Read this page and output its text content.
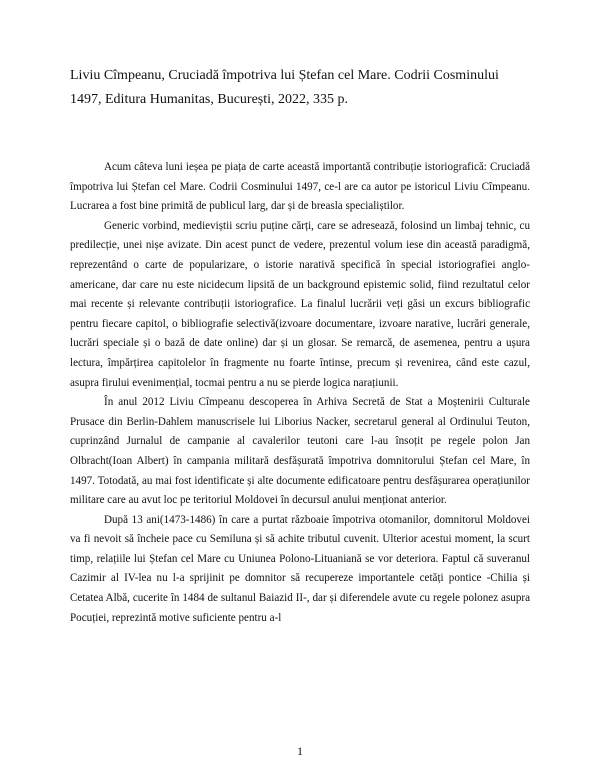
Liviu Cîmpeanu, Cruciadă împotriva lui Ștefan cel Mare. Codrii Cosminului 1497, Editura Humanitas, București, 2022, 335 p.

Acum câteva luni ieșea pe piața de carte această importantă contribuție istoriografică: Cruciadă împotriva lui Ștefan cel Mare. Codrii Cosminului 1497, ce-l are ca autor pe istoricul Liviu Cîmpeanu. Lucrarea a fost bine primită de publicul larg, dar și de breasla specialiștilor.

Generic vorbind, medieviștii scriu puține cărți, care se adresează, folosind un limbaj tehnic, cu predilecție, unei nișe avizate. Din acest punct de vedere, prezentul volum iese din această paradigmă, reprezentând o carte de popularizare, o istorie narativă specifică în special istoriografiei anglo-americane, dar care nu este nicidecum lipsită de un background epistemic solid, fiind rezultatul celor mai recente și relevante contribuții istoriografice. La finalul lucrării veți găsi un excurs bibliografic pentru fiecare capitol, o bibliografie selectivă(izvoare documentare, izvoare narative, lucrări generale, lucrări speciale și o bază de date online) dar și un glosar. Se remarcă, de asemenea, pentru a ușura lectura, împărțirea capitolelor în fragmente nu foarte întinse, precum și revenirea, când este cazul, asupra firului evenimențial, tocmai pentru a nu se pierde logica narațiunii.

În anul 2012 Liviu Cîmpeanu descoperea în Arhiva Secretă de Stat a Moștenirii Culturale Prusace din Berlin-Dahlem manuscrisele lui Liborius Nacker, secretarul general al Ordinului Teuton, cuprinzând Jurnalul de campanie al cavalerilor teutoni care l-au însoțit pe regele polon Jan Olbracht(Ioan Albert) în campania militară desfășurată împotriva domnitorului Ștefan cel Mare, în 1497. Totodată, au mai fost identificate și alte documente edificatoare pentru desfășurarea operațiunilor militare care au avut loc pe teritoriul Moldovei în decursul anului menționat anterior.

După 13 ani(1473-1486) în care a purtat războaie împotriva otomanilor, domnitorul Moldovei va fi nevoit să încheie pace cu Semiluna și să achite tributul cuvenit. Ulterior acestui moment, la scurt timp, relațiile lui Ștefan cel Mare cu Uniunea Polono-Lituaniană se vor deteriora. Faptul că suveranul Cazimir al IV-lea nu l-a sprijinit pe domnitor să recupereze importantele cetăți pontice -Chilia și Cetatea Albă, cucerite în 1484 de sultanul Baiazid II-, dar și diferendele avute cu regele polonez asupra Pocuției, reprezintă motive suficiente pentru a-l

1
